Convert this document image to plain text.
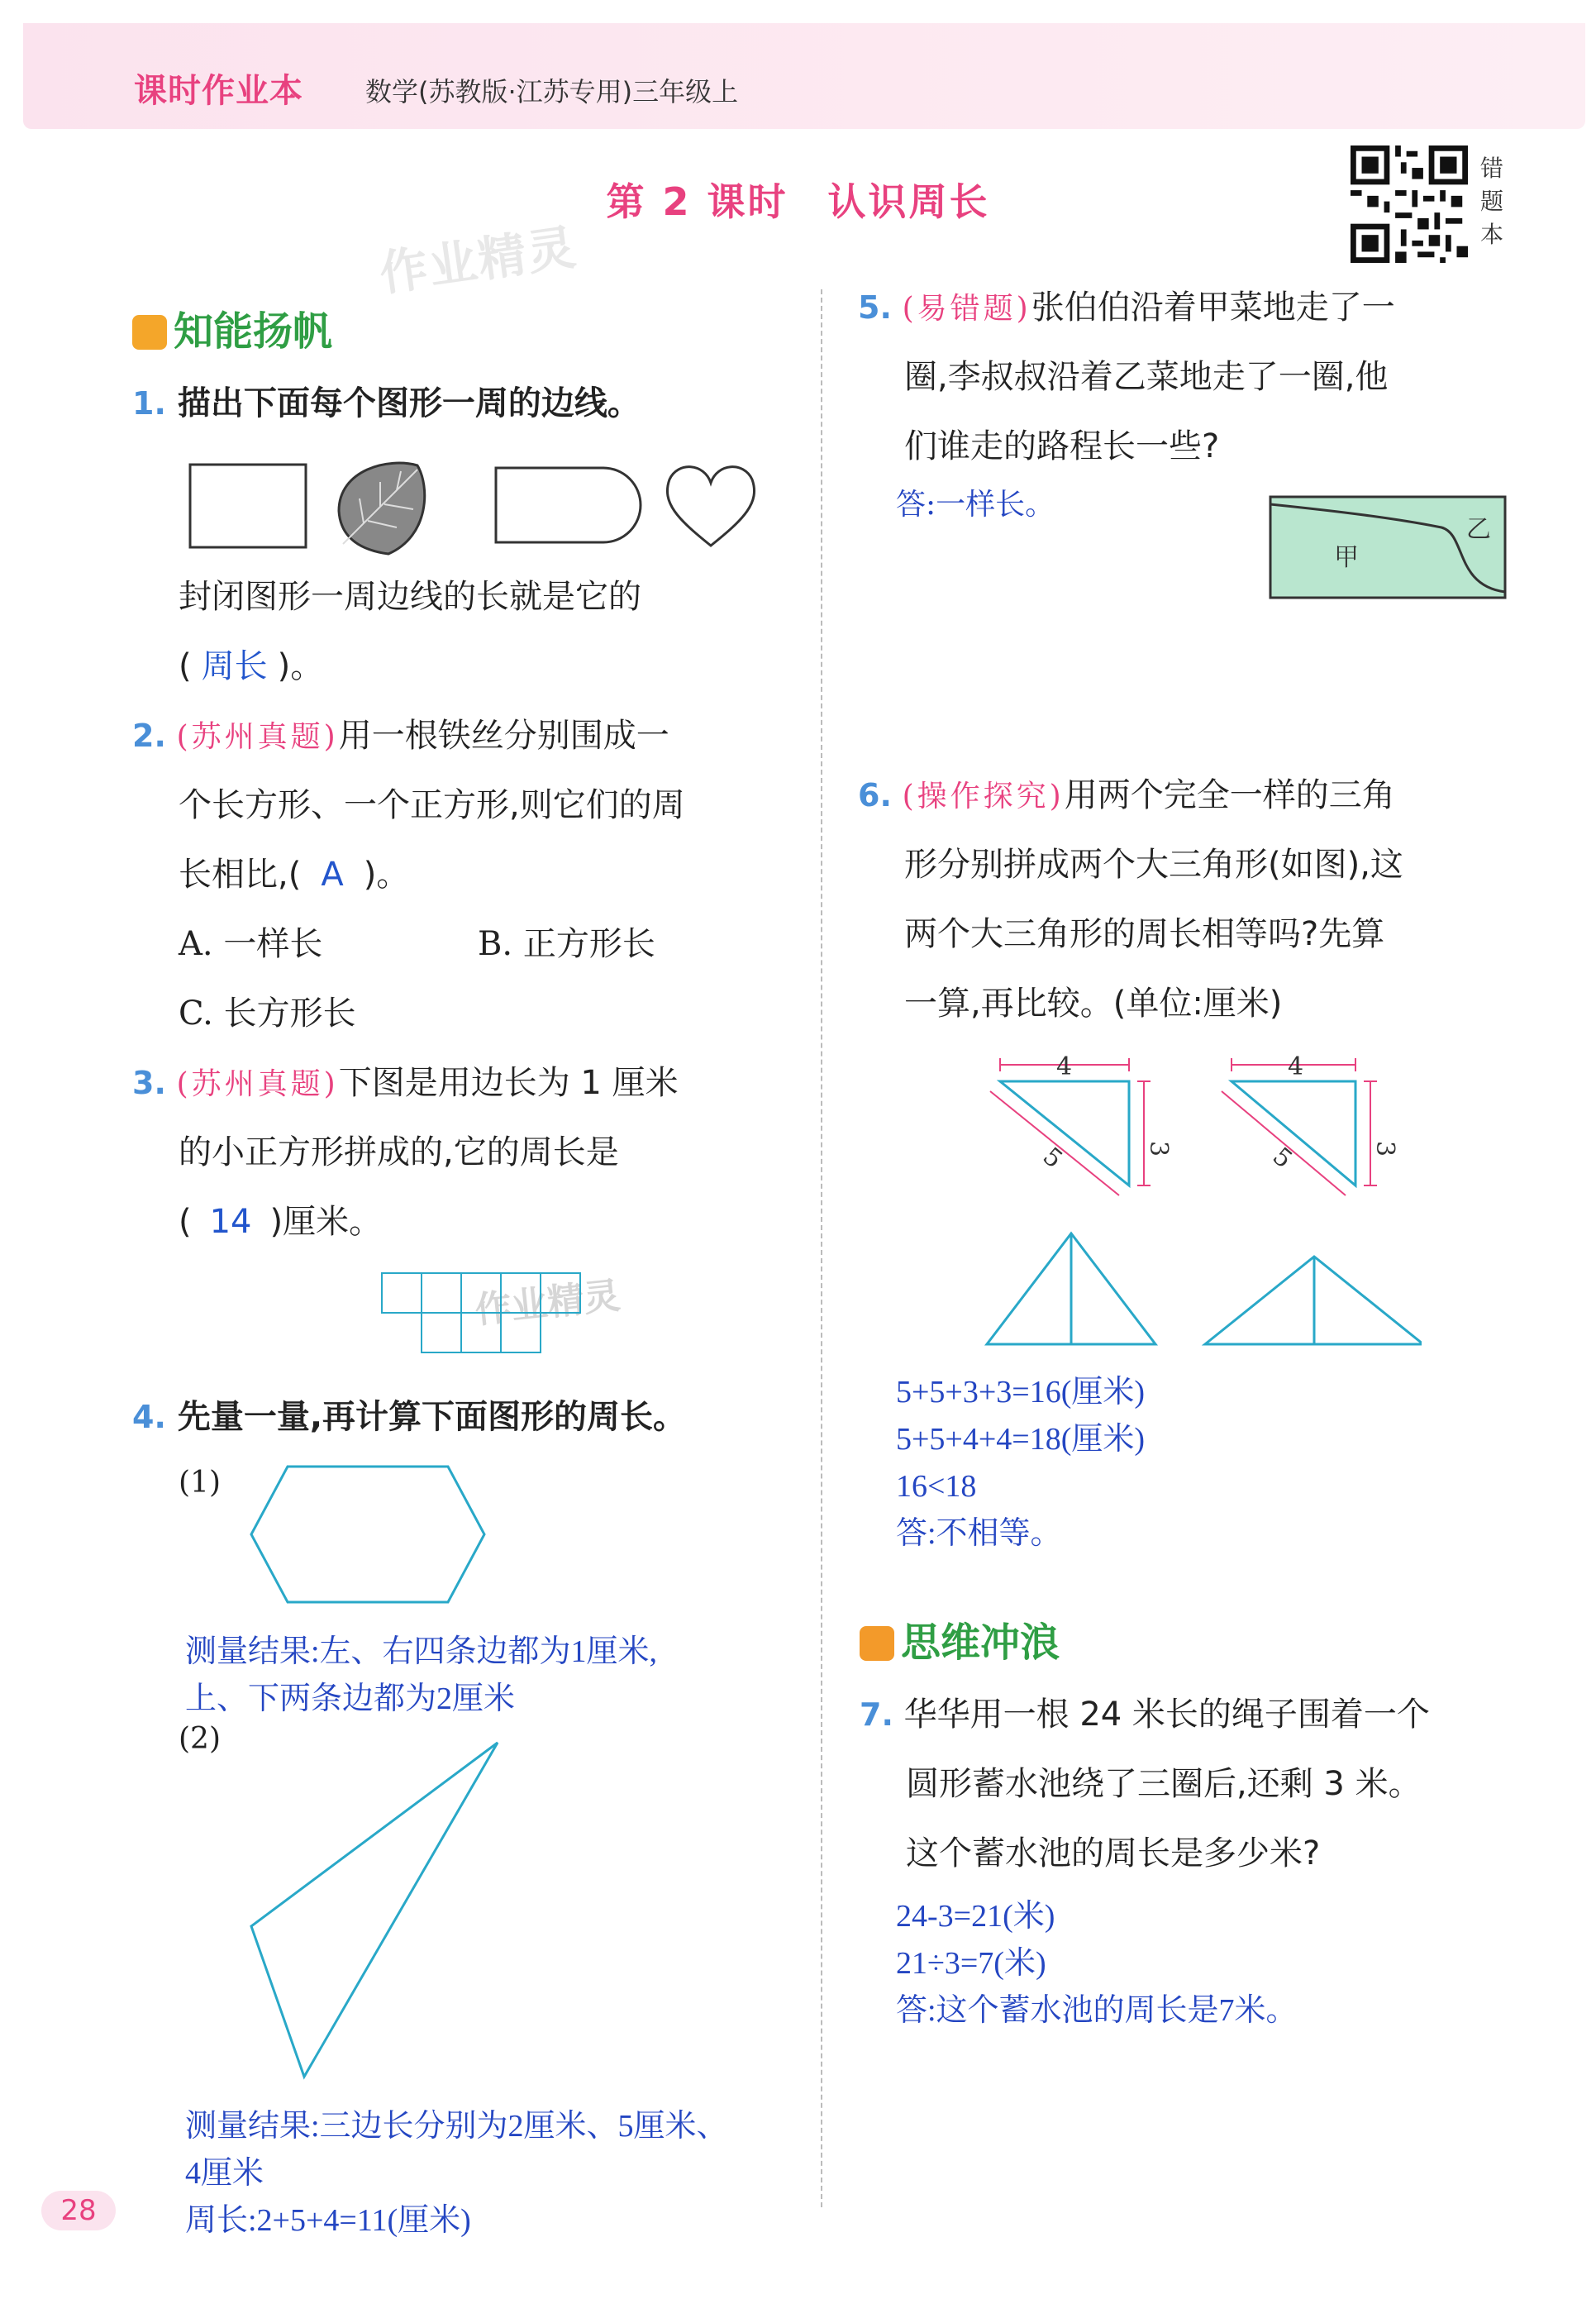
课时作业本 数学(苏教版·江苏专用)三年级上
第 2 课时 认识周长
错题本
作业精灵
作业精灵
知能扬帆
1. 描出下面每个图形一周的边线。
封闭图形一周边线的长就是它的
( 周长 )。
2. (苏州真题)用一根铁丝分别围成一
个长方形、一个正方形,则它们的周
长相比,( A )。
A. 一样长	B. 正方形长
C. 长方形长
3. (苏州真题)下图是用边长为 1 厘米
的小正方形拼成的,它的周长是
( 14 )厘米。
4. 先量一量,再计算下面图形的周长。
(1)
测量结果:左、右四条边都为1厘米,
上、下两条边都为2厘米
(2)
测量结果:三边长分别为2厘米、5厘米、
4厘米
周长:2+5+4=11(厘米)
5. (易错题)张伯伯沿着甲菜地走了一
圈,李叔叔沿着乙菜地走了一圈,他
们谁走的路程长一些?
答:一样长。
甲
乙
6. (操作探究)用两个完全一样的三角
形分别拼成两个大三角形(如图),这
两个大三角形的周长相等吗?先算
一算,再比较。(单位:厘米)
4
5	3
4
5	3
5+5+3+3=16(厘米)
5+5+4+4=18(厘米)
16<18
答:不相等。
思维冲浪
7. 华华用一根 24 米长的绳子围着一个
圆形蓄水池绕了三圈后,还剩 3 米。
这个蓄水池的周长是多少米?
24-3=21(米)
21÷3=7(米)
答:这个蓄水池的周长是7米。
28
